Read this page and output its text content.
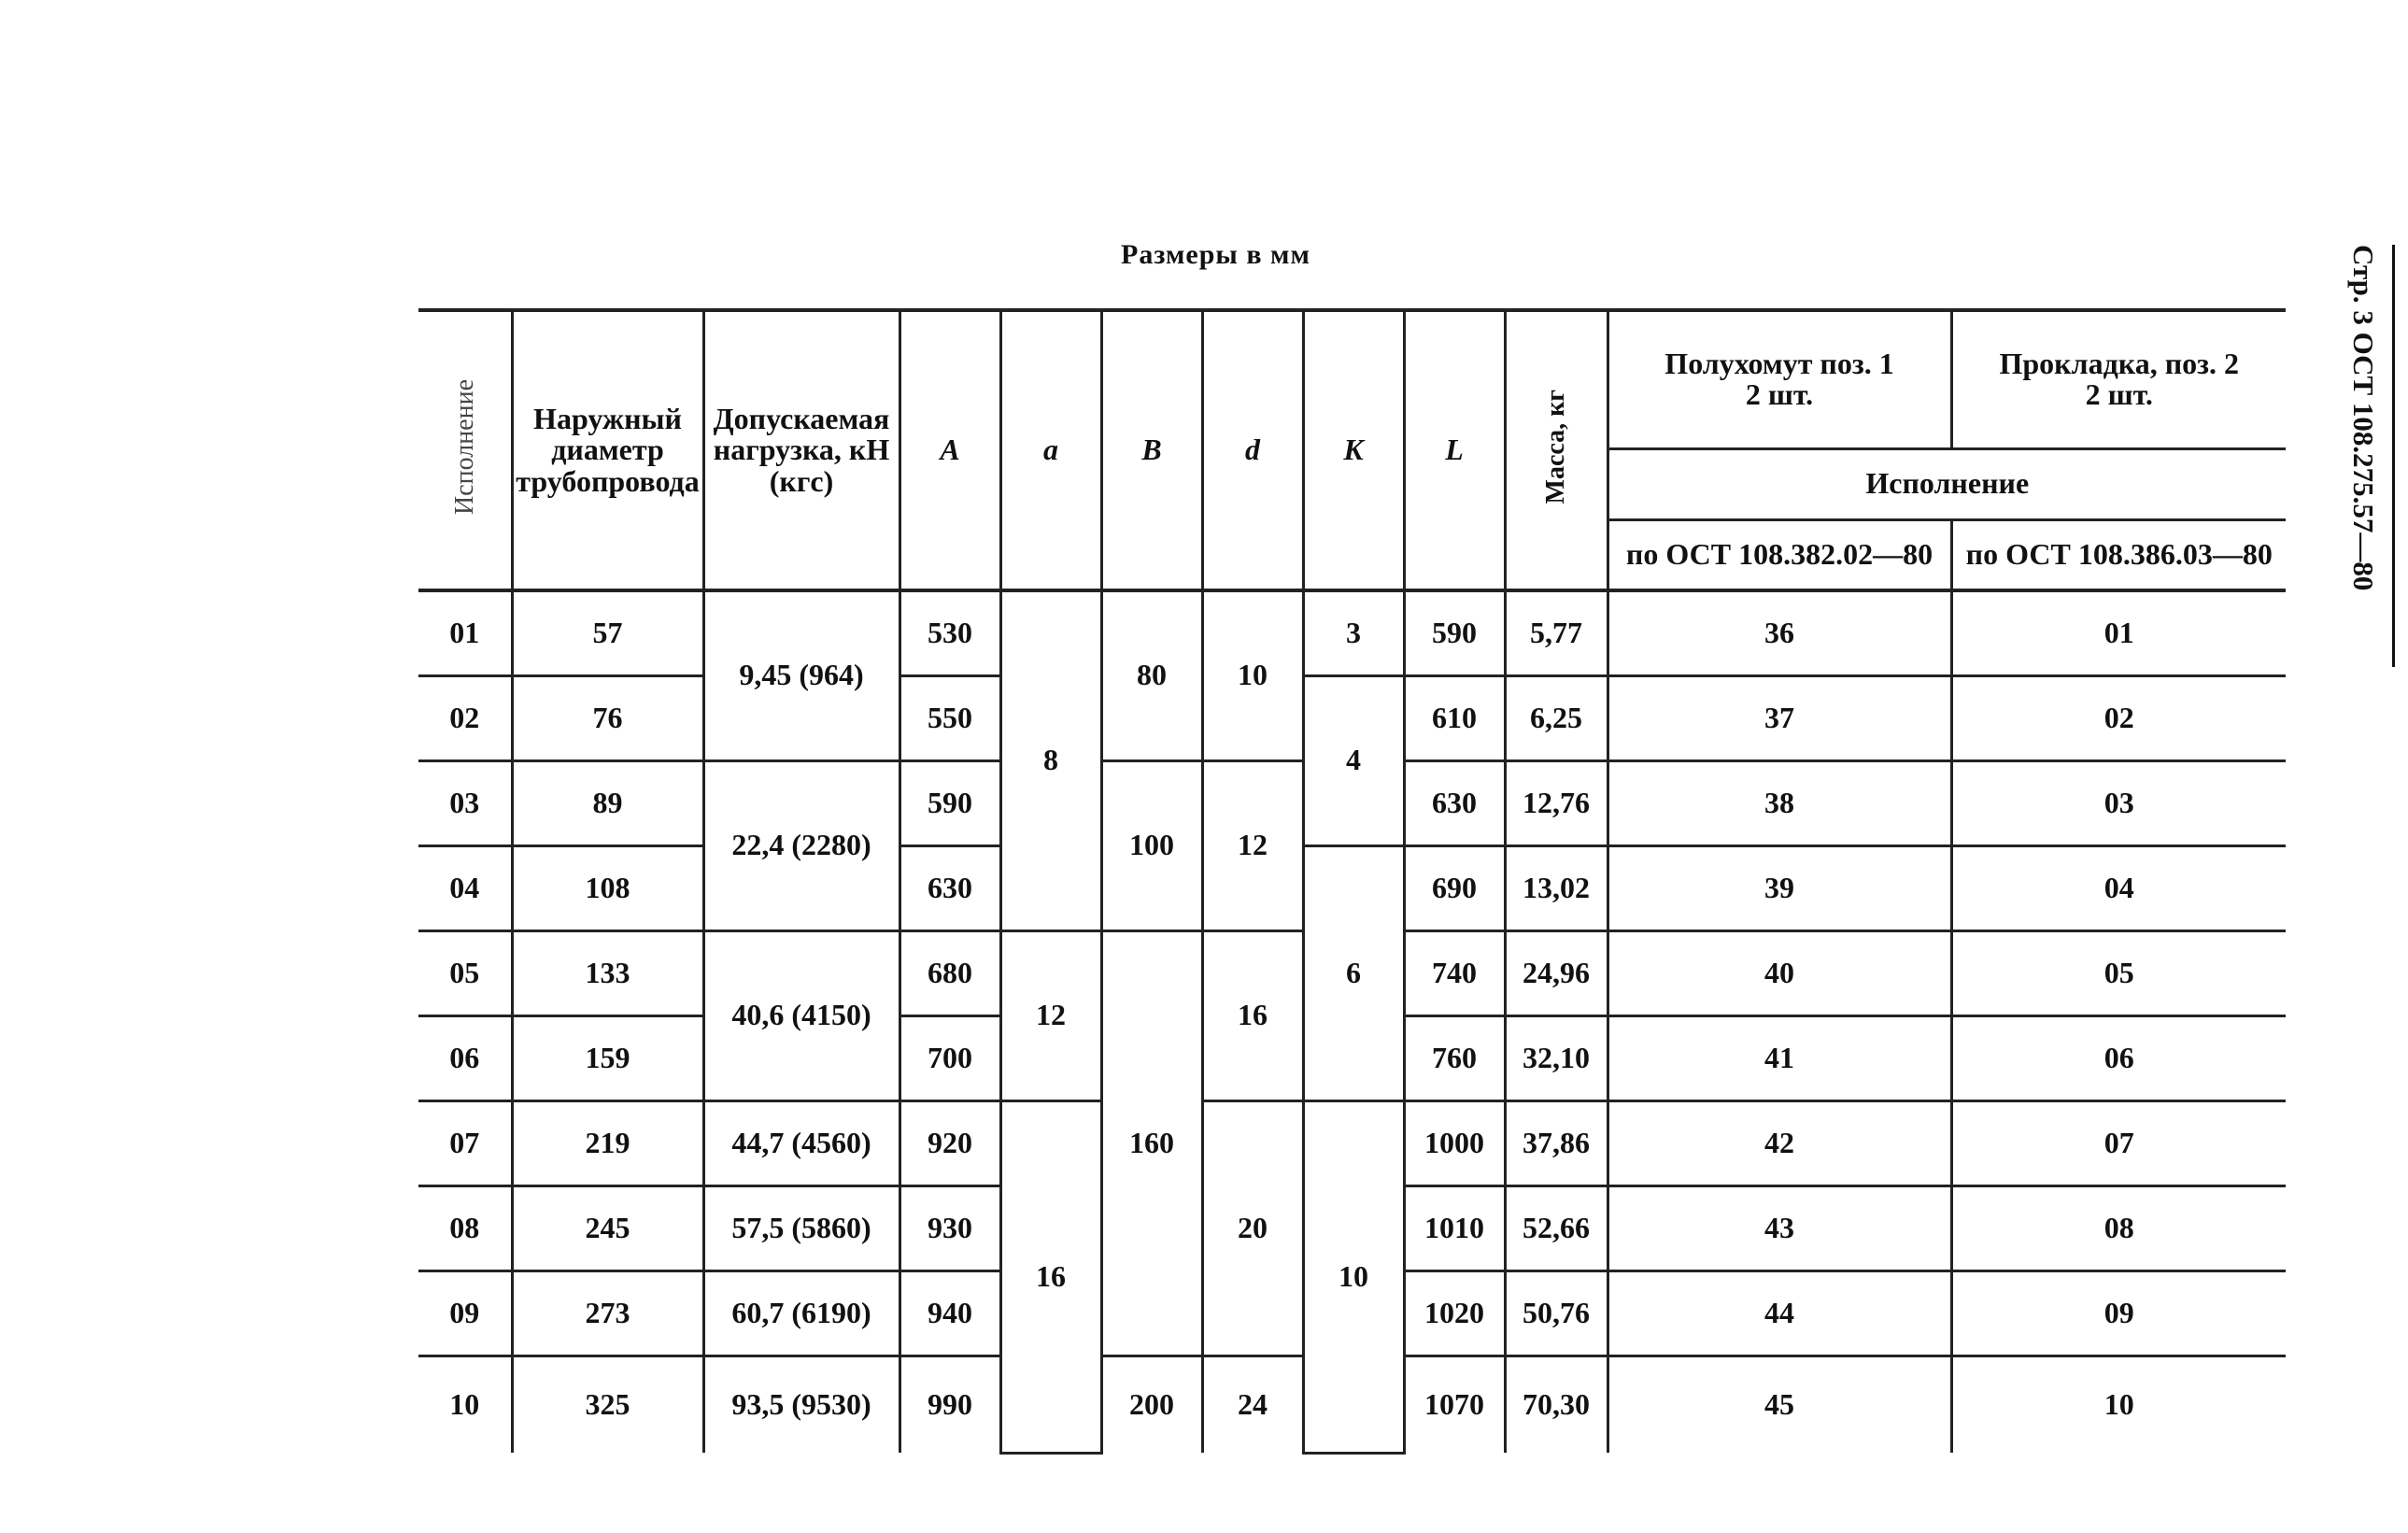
Размеры в мм	Стр. 3 ОСТ 108.275.57—80
Исполнение	Наружный диаметр трубопровода	Допускаемая нагрузка, кН (кгс)	A	a	B	d	K	L	Масса, кг	Полухомут поз. 1
2 шт.	Прокладка, поз. 2
2 шт.

										Исполнение	
										по ОСТ 108.382.02—80	по ОСТ 108.386.03—80
01	57	9,45 (964)	530	8	80	10	3	590	5,77	36	01
02	76		550				4	610	6,25	37	02
03	89	22,4 (2280)	590		100	12		630	12,76	38	03
04	108		630				6	690	13,02	39	04
05	133	40,6 (4150)	680	12	160	16		740	24,96	40	05
06	159		700					760	32,10	41	06
07	219	44,7 (4560)	920	16		20	10	1000	37,86	42	07
08	245	57,5 (5860)	930					1010	52,66	43	08
09	273	60,7 (6190)	940					1020	50,76	44	09
10	325	93,5 (9530)	990		200	24		1070	70,30	45	10
